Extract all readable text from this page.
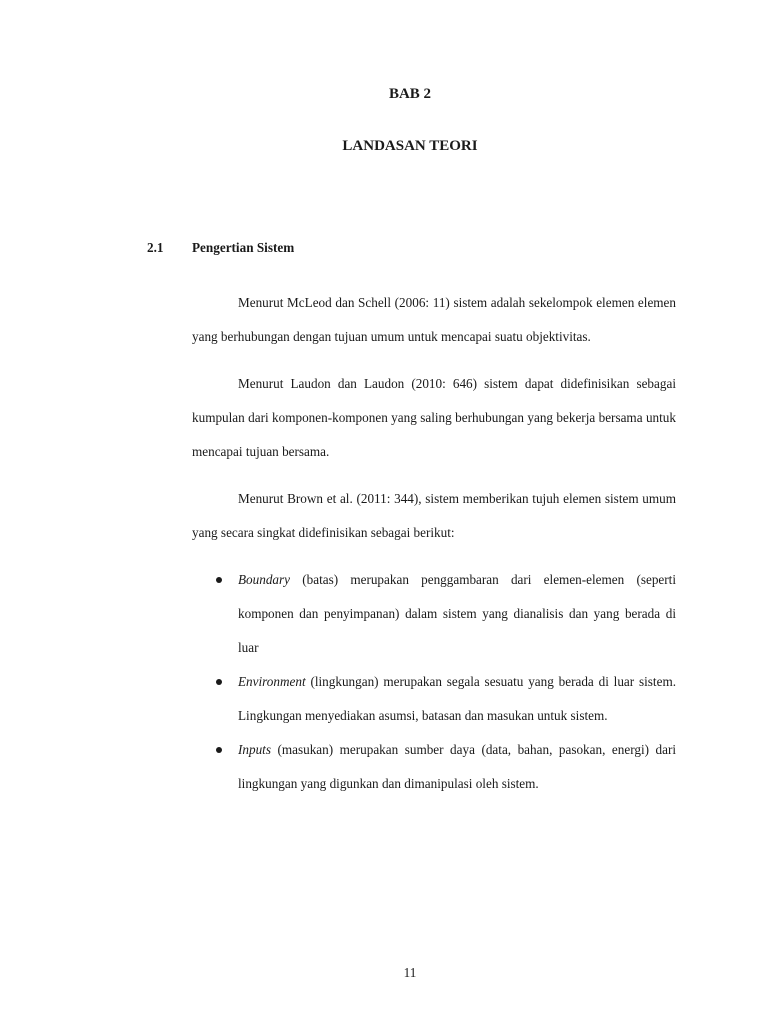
BAB 2
LANDASAN TEORI
2.1 Pengertian Sistem

Menurut McLeod dan Schell (2006: 11) sistem adalah sekelompok elemen elemen yang berhubungan dengan tujuan umum untuk mencapai suatu objektivitas.

Menurut Laudon dan Laudon (2010: 646) sistem dapat didefinisikan sebagai kumpulan dari komponen-komponen yang saling berhubungan yang bekerja bersama untuk mencapai tujuan bersama.

Menurut Brown et al. (2011: 344), sistem memberikan tujuh elemen sistem umum yang secara singkat didefinisikan sebagai berikut:

Boundary (batas) merupakan penggambaran dari elemen-elemen (seperti komponen dan penyimpanan) dalam sistem yang dianalisis dan yang berada di luar
Environment (lingkungan) merupakan segala sesuatu yang berada di luar sistem. Lingkungan menyediakan asumsi, batasan dan masukan untuk sistem.
Inputs (masukan) merupakan sumber daya (data, bahan, pasokan, energi) dari lingkungan yang digunkan dan dimanipulasi oleh sistem.
11
